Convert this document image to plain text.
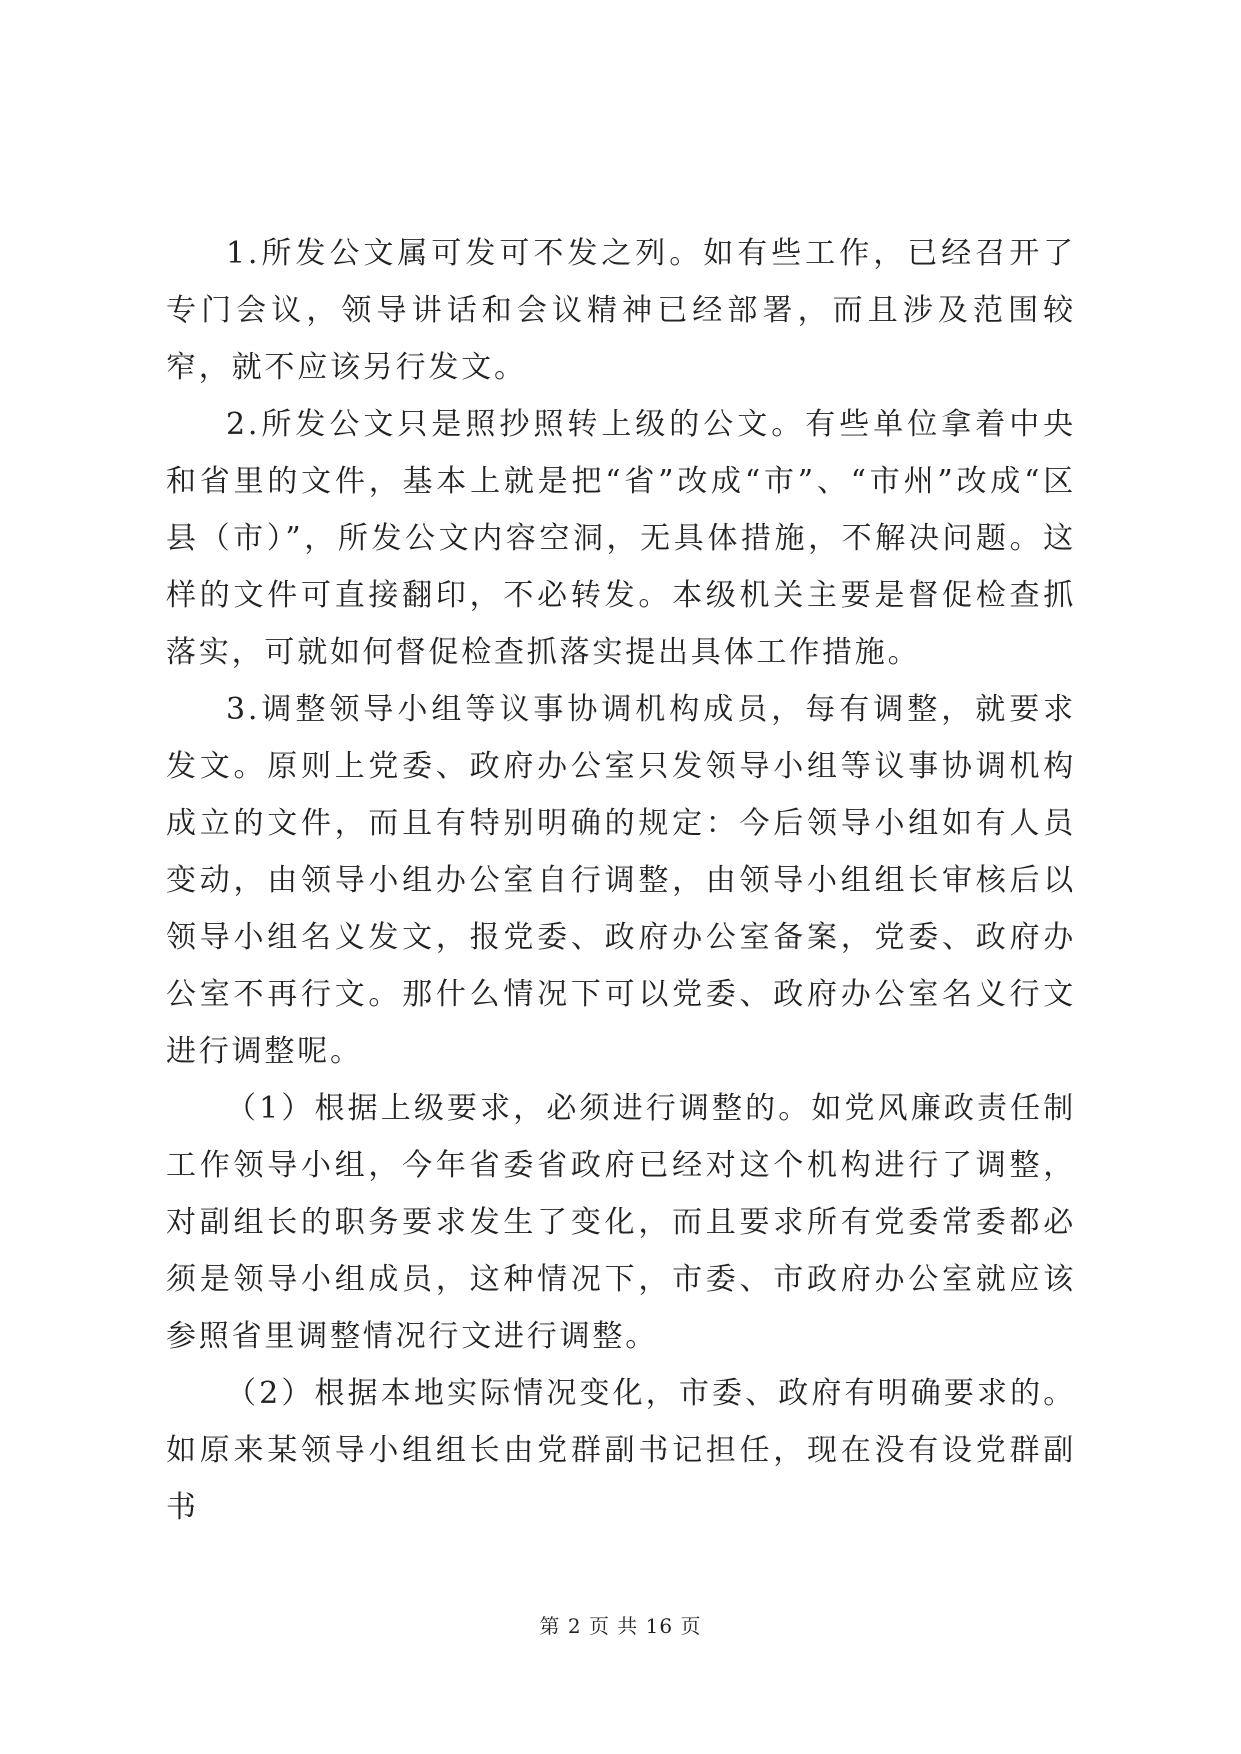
1.所发公文属可发可不发之列。如有些工作，已经召开了专门会议，领导讲话和会议精神已经部署，而且涉及范围较窄，就不应该另行发文。

2.所发公文只是照抄照转上级的公文。有些单位拿着中央和省里的文件，基本上就是把“省”改成“市”、“市州”改成“区县（市）”，所发公文内容空洞，无具体措施，不解决问题。这样的文件可直接翻印，不必转发。本级机关主要是督促检查抓落实，可就如何督促检查抓落实提出具体工作措施。

3.调整领导小组等议事协调机构成员，每有调整，就要求发文。原则上党委、政府办公室只发领导小组等议事协调机构成立的文件，而且有特别明确的规定：今后领导小组如有人员变动，由领导小组办公室自行调整，由领导小组组长审核后以领导小组名义发文，报党委、政府办公室备案，党委、政府办公室不再行文。那什么情况下可以党委、政府办公室名义行文进行调整呢。

（1）根据上级要求，必须进行调整的。如党风廉政责任制工作领导小组，今年省委省政府已经对这个机构进行了调整，对副组长的职务要求发生了变化，而且要求所有党委常委都必须是领导小组成员，这种情况下，市委、市政府办公室就应该参照省里调整情况行文进行调整。

（2）根据本地实际情况变化，市委、政府有明确要求的。如原来某领导小组组长由党群副书记担任，现在没有设党群副书

第 2 页 共 16 页
